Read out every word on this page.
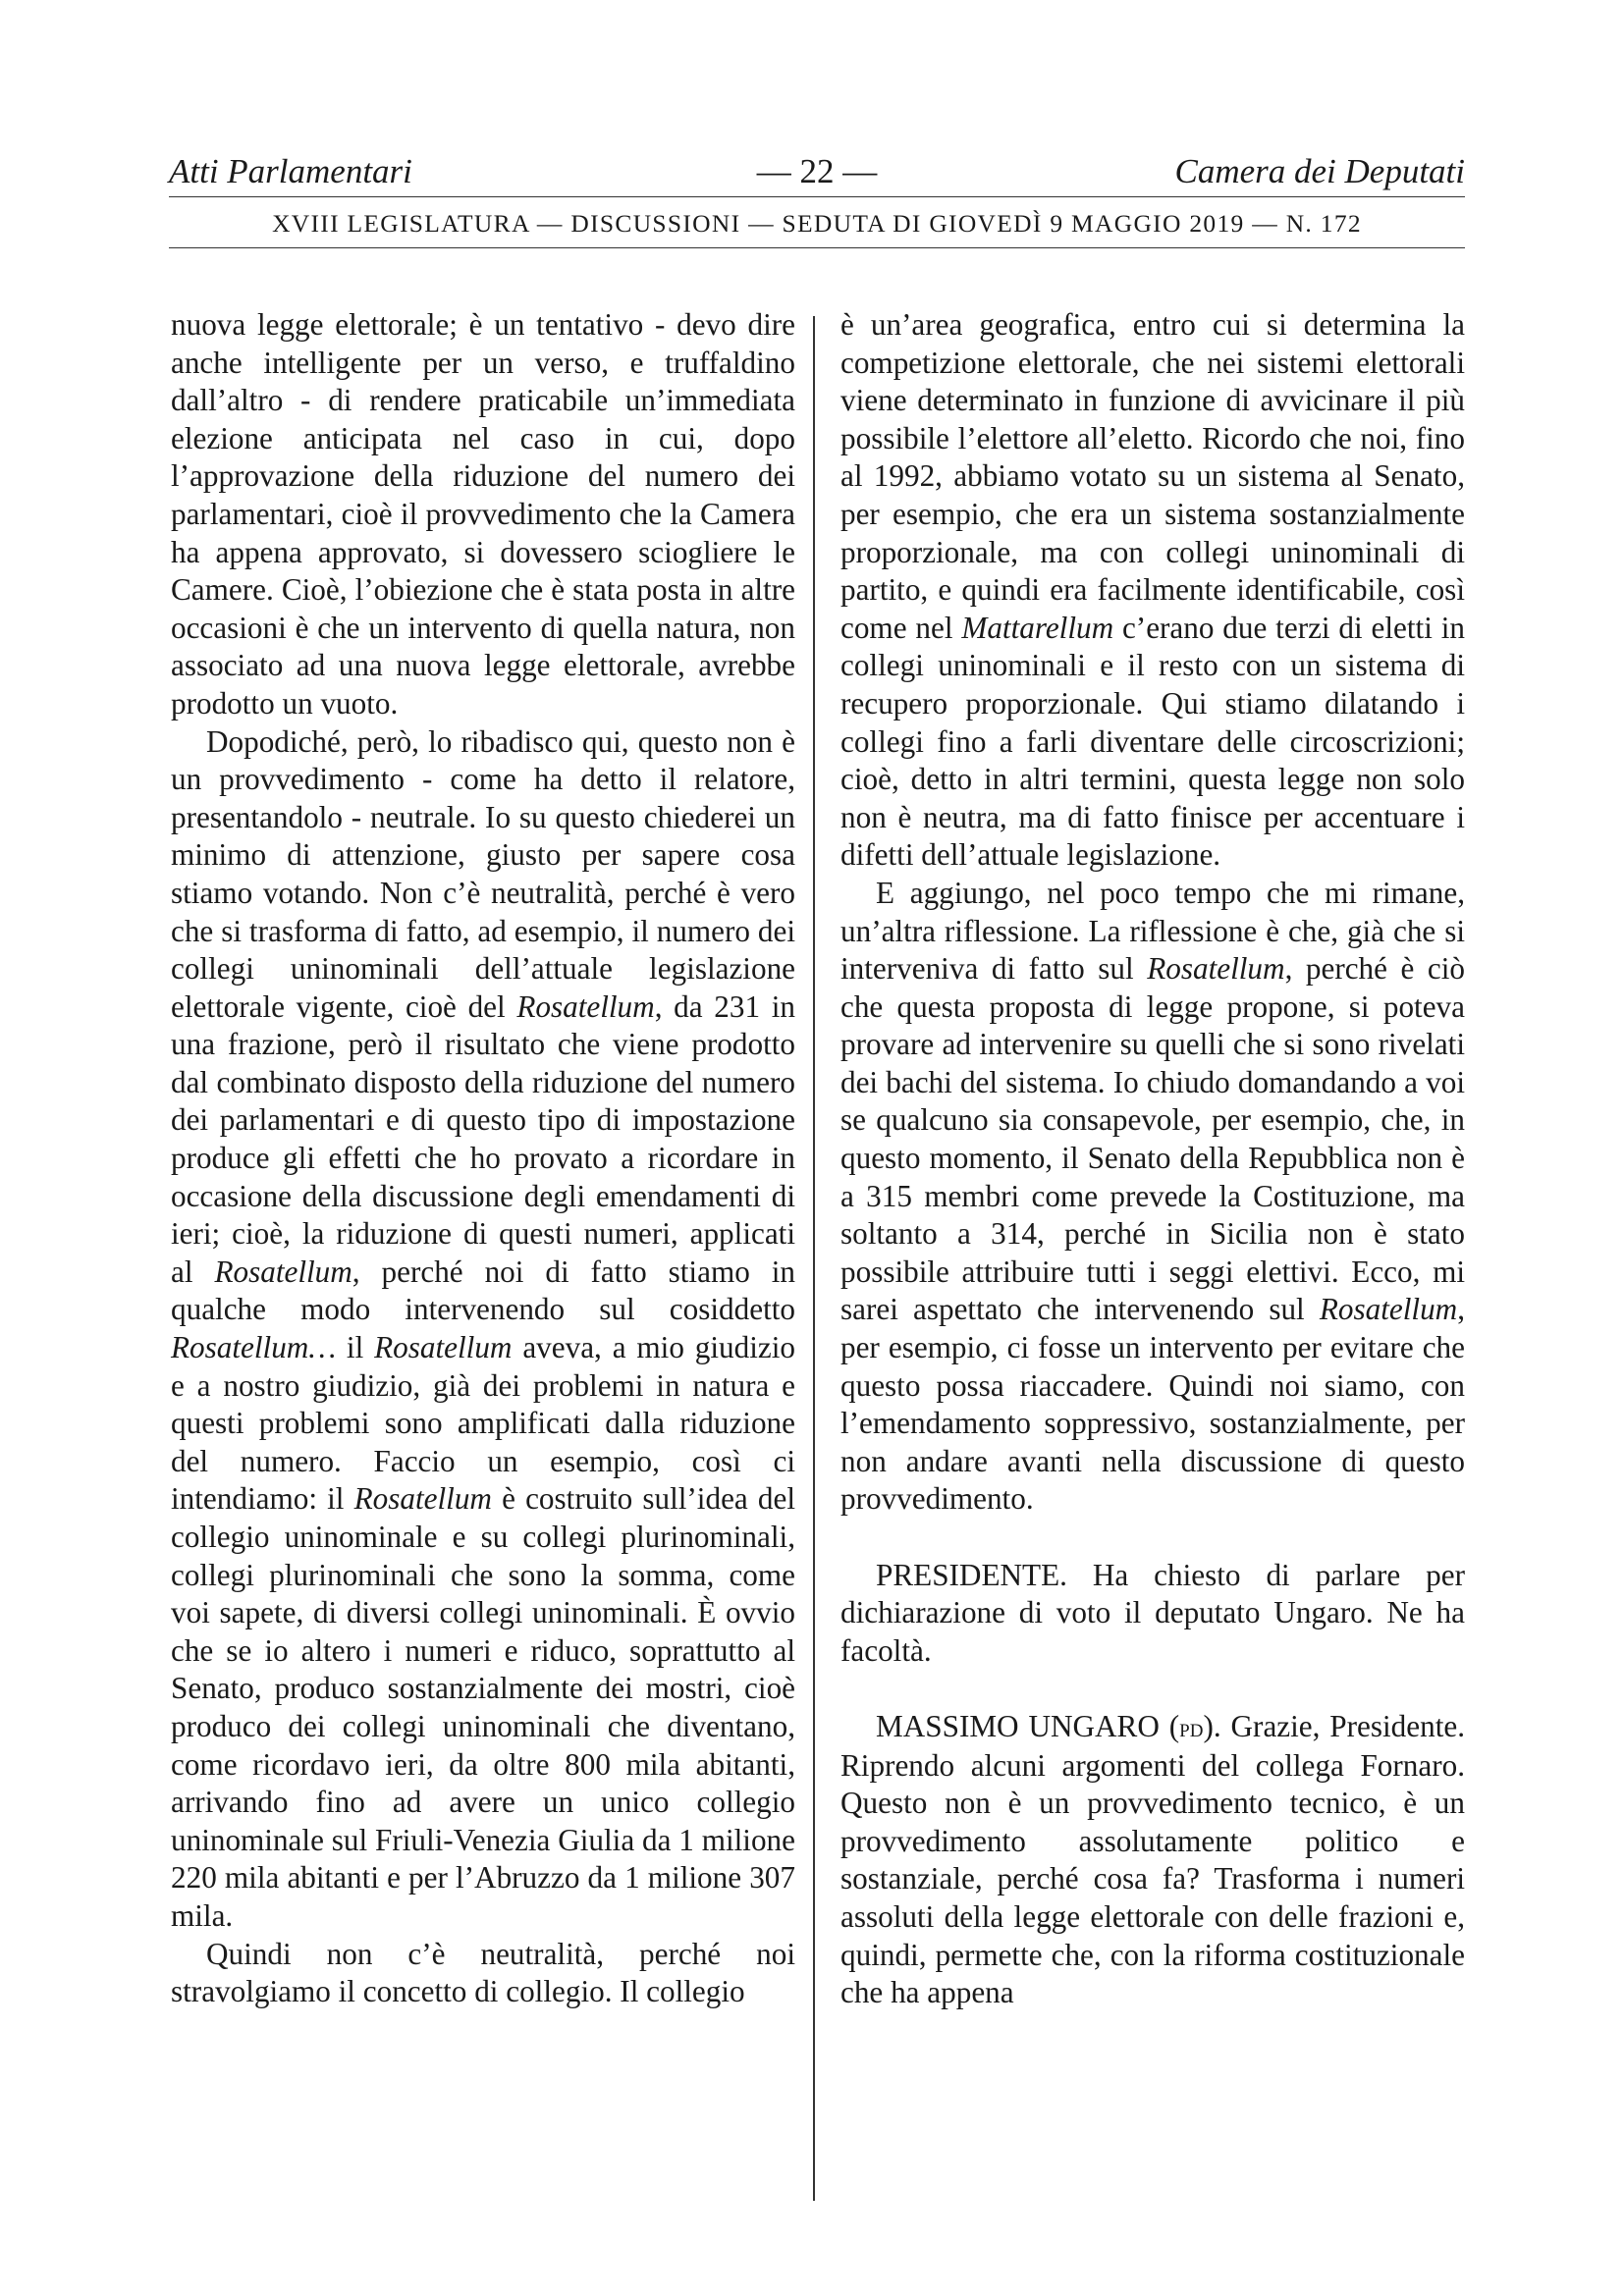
Atti Parlamentari	— 22 —	Camera dei Deputati
XVIII LEGISLATURA — DISCUSSIONI — SEDUTA DI GIOVEDÌ 9 MAGGIO 2019 — N. 172

nuova legge elettorale; è un tentativo - devo dire anche intelligente per un verso, e truffaldino dall’altro - di rendere praticabile un’immediata elezione anticipata nel caso in cui, dopo l’approvazione della riduzione del numero dei parlamentari, cioè il provvedimento che la Camera ha appena approvato, si dovessero sciogliere le Camere. Cioè, l’obiezione che è stata posta in altre occasioni è che un intervento di quella natura, non associato ad una nuova legge elettorale, avrebbe prodotto un vuoto.

Dopodiché, però, lo ribadisco qui, questo non è un provvedimento - come ha detto il relatore, presentandolo - neutrale. Io su questo chiederei un minimo di attenzione, giusto per sapere cosa stiamo votando. Non c’è neutralità, perché è vero che si trasforma di fatto, ad esempio, il numero dei collegi uninominali dell’attuale legislazione elettorale vigente, cioè del Rosatellum, da 231 in una frazione, però il risultato che viene prodotto dal combinato disposto della riduzione del numero dei parlamentari e di questo tipo di impostazione produce gli effetti che ho provato a ricordare in occasione della discussione degli emendamenti di ieri; cioè, la riduzione di questi numeri, applicati al Rosatellum, perché noi di fatto stiamo in qualche modo intervenendo sul cosiddetto Rosatellum… il Rosatellum aveva, a mio giudizio e a nostro giudizio, già dei problemi in natura e questi problemi sono amplificati dalla riduzione del numero. Faccio un esempio, così ci intendiamo: il Rosatellum è costruito sull’idea del collegio uninominale e su collegi plurinominali, collegi plurinominali che sono la somma, come voi sapete, di diversi collegi uninominali. È ovvio che se io altero i numeri e riduco, soprattutto al Senato, produco sostanzialmente dei mostri, cioè produco dei collegi uninominali che diventano, come ricordavo ieri, da oltre 800 mila abitanti, arrivando fino ad avere un unico collegio uninominale sul Friuli-Venezia Giulia da 1 milione 220 mila abitanti e per l’Abruzzo da 1 milione 307 mila.

Quindi non c’è neutralità, perché noi stravolgiamo il concetto di collegio. Il collegio

è un’area geografica, entro cui si determina la competizione elettorale, che nei sistemi elettorali viene determinato in funzione di avvicinare il più possibile l’elettore all’eletto. Ricordo che noi, fino al 1992, abbiamo votato su un sistema al Senato, per esempio, che era un sistema sostanzialmente proporzionale, ma con collegi uninominali di partito, e quindi era facilmente identificabile, così come nel Mattarellum c’erano due terzi di eletti in collegi uninominali e il resto con un sistema di recupero proporzionale. Qui stiamo dilatando i collegi fino a farli diventare delle circoscrizioni; cioè, detto in altri termini, questa legge non solo non è neutra, ma di fatto finisce per accentuare i difetti dell’attuale legislazione.

E aggiungo, nel poco tempo che mi rimane, un’altra riflessione. La riflessione è che, già che si interveniva di fatto sul Rosatellum, perché è ciò che questa proposta di legge propone, si poteva provare ad intervenire su quelli che si sono rivelati dei bachi del sistema. Io chiudo domandando a voi se qualcuno sia consapevole, per esempio, che, in questo momento, il Senato della Repubblica non è a 315 membri come prevede la Costituzione, ma soltanto a 314, perché in Sicilia non è stato possibile attribuire tutti i seggi elettivi. Ecco, mi sarei aspettato che intervenendo sul Rosatellum, per esempio, ci fosse un intervento per evitare che questo possa riaccadere. Quindi noi siamo, con l’emendamento soppressivo, sostanzialmente, per non andare avanti nella discussione di questo provvedimento.

PRESIDENTE. Ha chiesto di parlare per dichiarazione di voto il deputato Ungaro. Ne ha facoltà.

MASSIMO UNGARO (pd). Grazie, Presidente. Riprendo alcuni argomenti del collega Fornaro. Questo non è un provvedimento tecnico, è un provvedimento assolutamente politico e sostanziale, perché cosa fa? Trasforma i numeri assoluti della legge elettorale con delle frazioni e, quindi, permette che, con la riforma costituzionale che ha appena
